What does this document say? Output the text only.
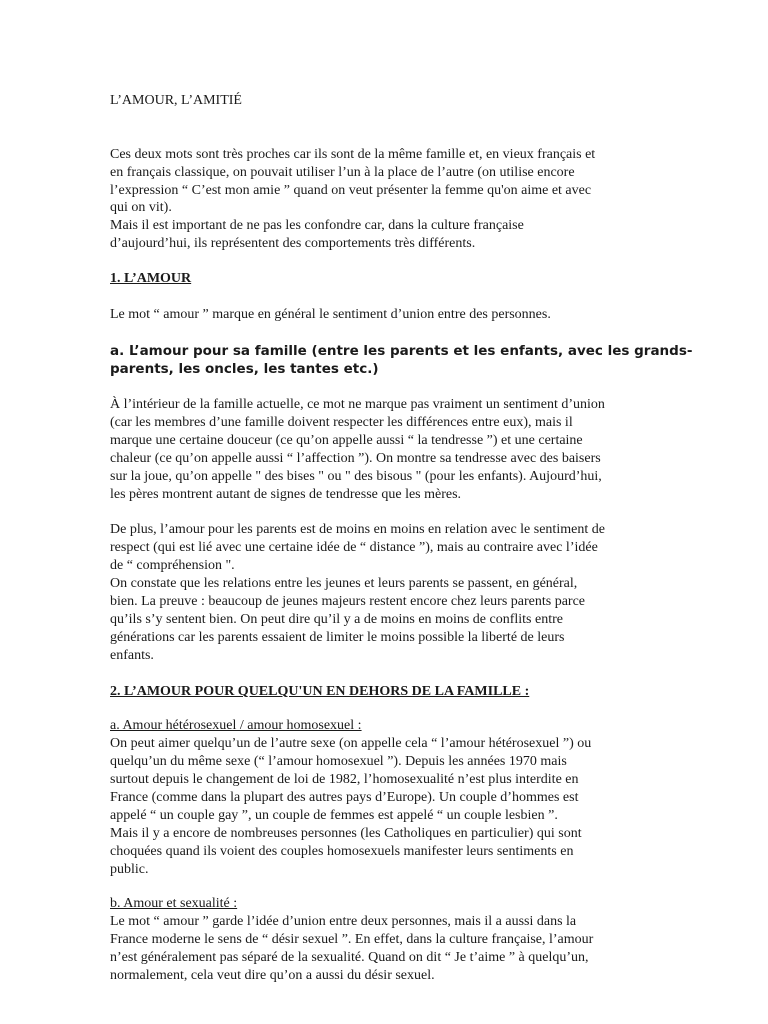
L’AMOUR, L’AMITIÉ
Ces deux mots sont très proches car ils sont de la même famille et, en vieux français et
en français classique, on pouvait utiliser l’un à la place de l’autre (on utilise encore
l’expression “ C’est mon amie ” quand on veut présenter la femme qu'on aime et avec
qui on vit).
Mais il est important de ne pas les confondre car, dans la culture française
d’aujourd’hui, ils représentent des comportements très différents.
1. L’AMOUR
Le mot “ amour ” marque en général le sentiment d’union entre des personnes.
a. L’amour pour sa famille (entre les parents et les enfants, avec les grands-
parents, les oncles, les tantes etc.)
À l’intérieur de la famille actuelle, ce mot ne marque pas vraiment un sentiment d’union
(car les membres d’une famille doivent respecter les différences entre eux), mais il
marque une certaine douceur (ce qu’on appelle aussi “ la tendresse ”) et une certaine
chaleur (ce qu’on appelle aussi “ l’affection ”). On montre sa tendresse avec des baisers
sur la joue, qu’on appelle " des bises " ou " des bisous " (pour les enfants). Aujourd’hui,
les pères montrent autant de signes de tendresse que les mères.
De plus, l’amour pour les parents est de moins en moins en relation avec le sentiment de
respect (qui est lié avec une certaine idée de “ distance ”), mais au contraire avec l’idée
de “ compréhension ".
On constate que les relations entre les jeunes et leurs parents se passent, en général,
bien. La preuve : beaucoup de jeunes majeurs restent encore chez leurs parents parce
qu’ils s’y sentent bien. On peut dire qu’il y a de moins en moins de conflits entre
générations car les parents essaient de limiter le moins possible la liberté de leurs
enfants.
2. L’AMOUR POUR QUELQU'UN EN DEHORS DE LA FAMILLE :
a. Amour hétérosexuel / amour homosexuel :
On peut aimer quelqu’un de l’autre sexe (on appelle cela “ l’amour hétérosexuel ”) ou
quelqu’un du même sexe (“ l’amour homosexuel ”). Depuis les années 1970 mais
surtout depuis le changement de loi de 1982, l’homosexualité n’est plus interdite en
France (comme dans la plupart des autres pays d’Europe). Un couple d’hommes est
appelé “ un couple gay ”, un couple de femmes est appelé “ un couple lesbien ”.
Mais il y a encore de nombreuses personnes (les Catholiques en particulier) qui sont
choquées quand ils voient des couples homosexuels manifester leurs sentiments en
public.
b. Amour et sexualité :
Le mot “ amour ” garde l’idée d’union entre deux personnes, mais il a aussi dans la
France moderne le sens de “ désir sexuel ”. En effet, dans la culture française, l’amour
n’est généralement pas séparé de la sexualité. Quand on dit “ Je t’aime ” à quelqu’un,
normalement, cela veut dire qu’on a aussi du désir sexuel.
